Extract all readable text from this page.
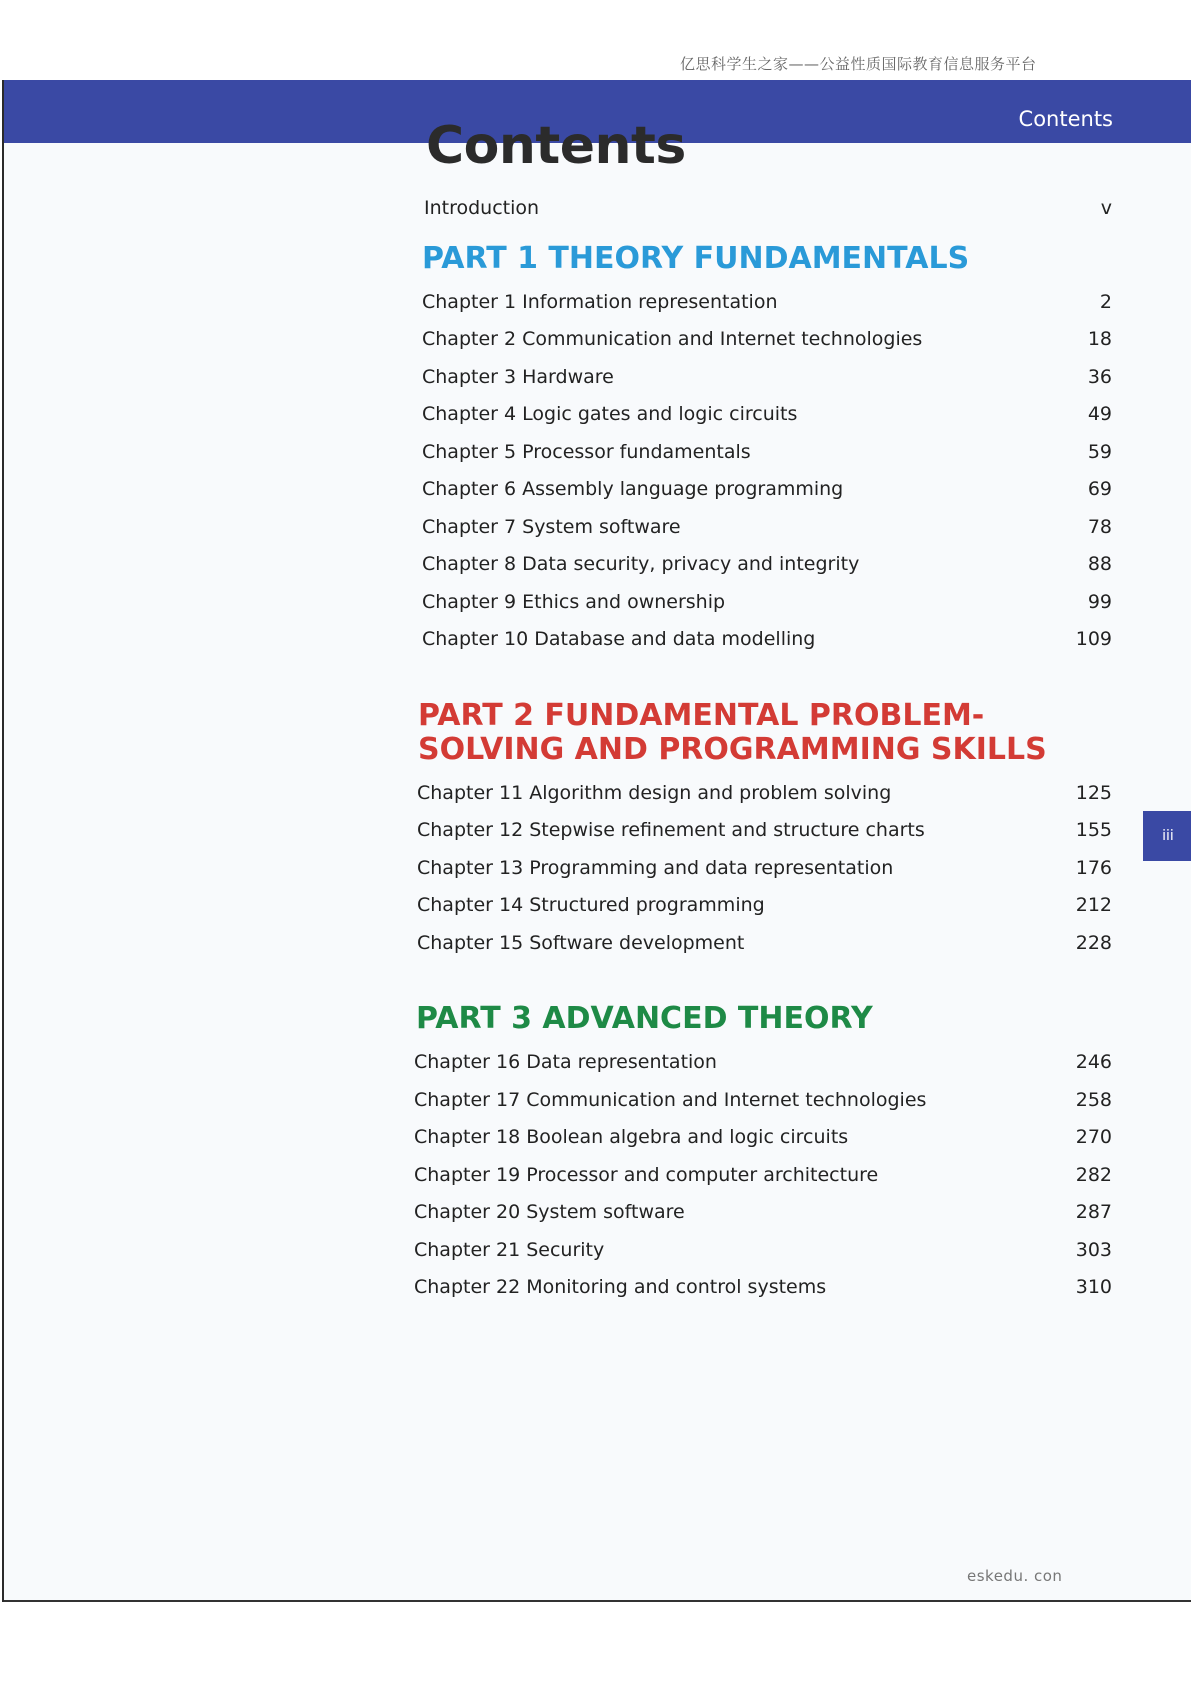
亿思科学生之家——公益性质国际教育信息服务平台
Contents
iii
Contents
Introduction	v
PART 1 THEORY FUNDAMENTALS
Chapter 1 Information representation	2
Chapter 2 Communication and Internet technologies	18
Chapter 3 Hardware	36
Chapter 4 Logic gates and logic circuits	49
Chapter 5 Processor fundamentals	59
Chapter 6 Assembly language programming	69
Chapter 7 System software	78
Chapter 8 Data security, privacy and integrity	88
Chapter 9 Ethics and ownership	99
Chapter 10 Database and data modelling	109
PART 2 FUNDAMENTAL PROBLEM-
SOLVING AND PROGRAMMING SKILLS
Chapter 11 Algorithm design and problem solving	125
Chapter 12 Stepwise refinement and structure charts	155
Chapter 13 Programming and data representation	176
Chapter 14 Structured programming	212
Chapter 15 Software development	228
PART 3 ADVANCED THEORY
Chapter 16 Data representation	246
Chapter 17 Communication and Internet technologies	258
Chapter 18 Boolean algebra and logic circuits	270
Chapter 19 Processor and computer architecture	282
Chapter 20 System software	287
Chapter 21 Security	303
Chapter 22 Monitoring and control systems	310
eskedu. con
